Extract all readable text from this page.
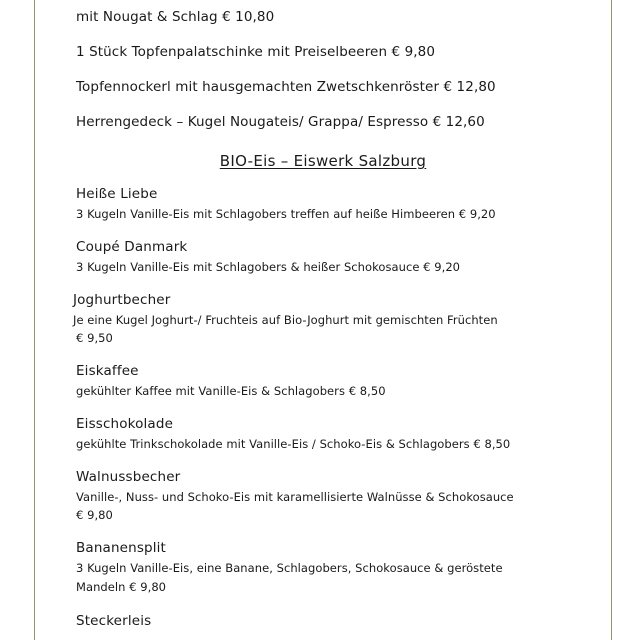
mit Nougat & Schlag € 10,80
1 Stück Topfenpalatschinke mit Preiselbeeren € 9,80
Topfennockerl mit hausgemachten Zwetschkenröster € 12,80
Herrengedeck – Kugel Nougateis/ Grappa/ Espresso € 12,60
BIO-Eis – Eiswerk Salzburg
Heiße Liebe
3 Kugeln Vanille-Eis mit Schlagobers treffen auf heiße Himbeeren € 9,20
Coupé Danmark
3 Kugeln Vanille-Eis mit Schlagobers & heißer Schokosauce € 9,20
Joghurtbecher
Je eine Kugel Joghurt-/ Fruchteis auf Bio-Joghurt mit gemischten Früchten
€ 9,50
Eiskaffee
gekühlter Kaffee mit Vanille-Eis & Schlagobers € 8,50
Eisschokolade
gekühlte Trinkschokolade mit Vanille-Eis / Schoko-Eis & Schlagobers € 8,50
Walnussbecher
Vanille-, Nuss- und Schoko-Eis mit karamellisierte Walnüsse & Schokosauce
€ 9,80
Bananensplit
3 Kugeln Vanille-Eis, eine Banane, Schlagobers, Schokosauce & geröstete
Mandeln € 9,80
Steckerleis
